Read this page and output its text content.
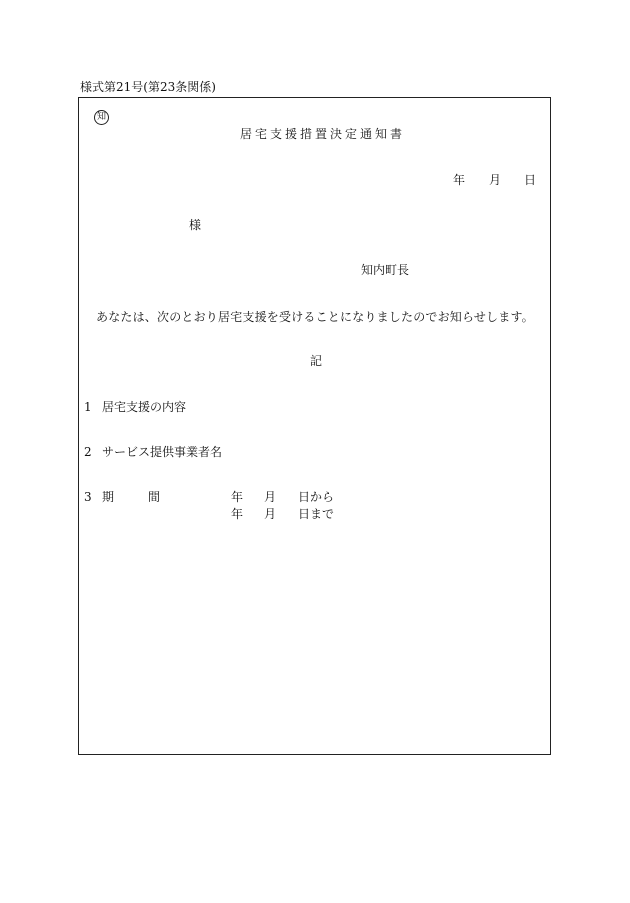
様式第21号(第23条関係)
知
居宅支援措置決定通知書
年 月 日
様
知内町長
あなたは、次のとおり居宅支援を受けることになりましたのでお知らせします。
記
1 居宅支援の内容
2 サービス提供事業者名
3 期	間	年 月 日から
年 月 日まで
